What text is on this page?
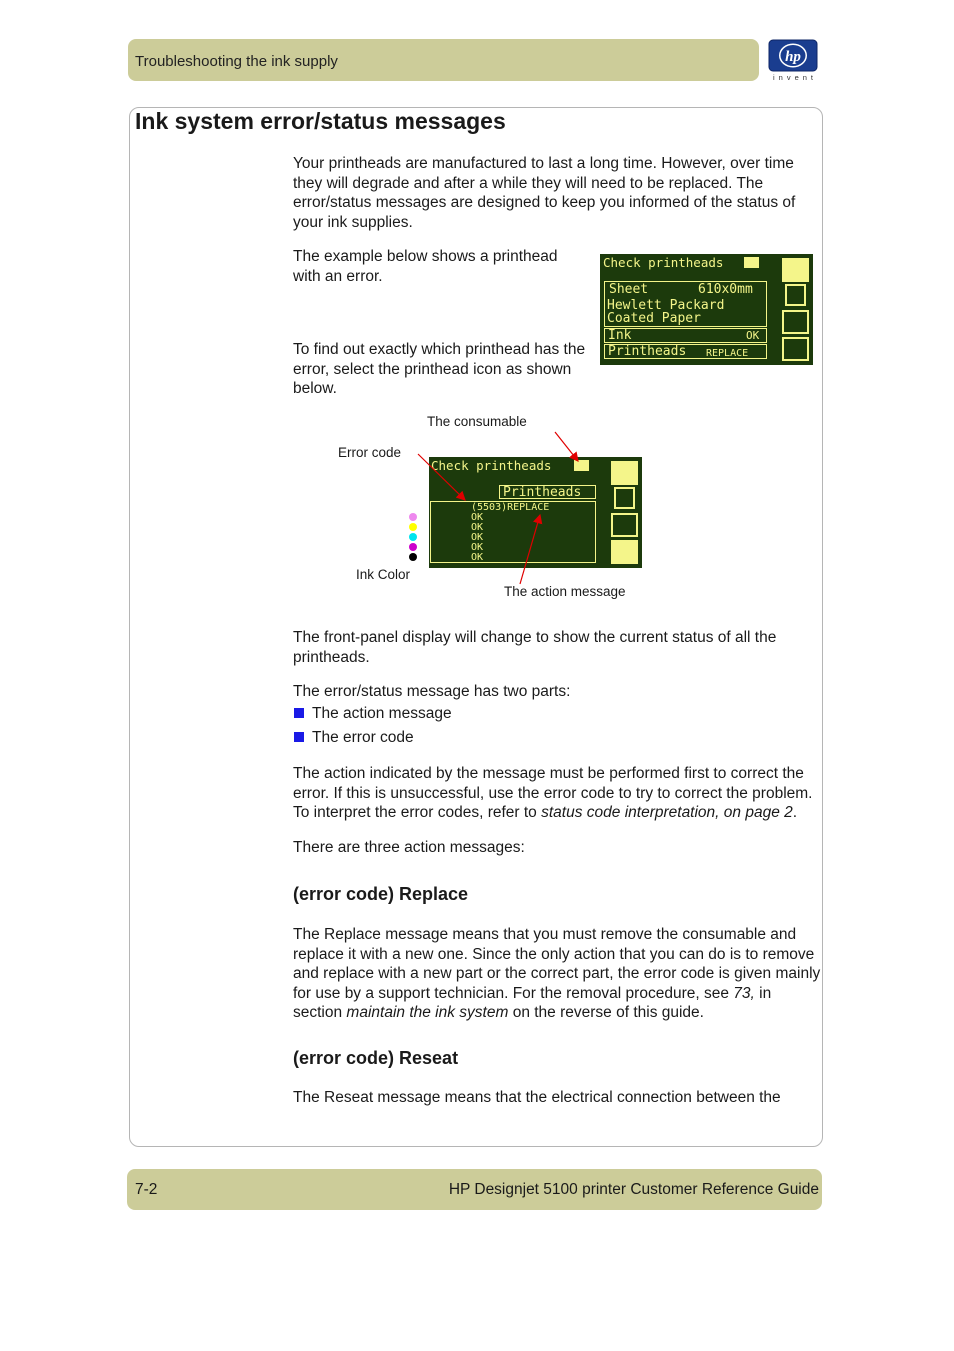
Troubleshooting the ink supply	hp
invent
Ink system error/status messages
Your printheads are manufactured to last a long time. However, over time they will degrade and after a while they will need to be replaced. The error/status messages are designed to keep you informed of the status of your ink supplies.
The example below shows a printhead with an error.
To find out exactly which printhead has the error, select the printhead icon as shown below.
Check printheads
Sheet	610x0mm
Hewlett Packard
Coated Paper
Ink	OK
Printheads REPLACE
The consumable
Error code
Ink Color
The action message
Check printheads
Printheads
(5503)REPLACE
OK
OK
OK
OK
OK
The front-panel display will change to show the current status of all the printheads.
The error/status message has two parts:
The action message
The error code
The action indicated by the message must be performed first to correct the error. If this is unsuccessful, use the error code to try to correct the problem. To interpret the error codes, refer to status code interpretation, on page 2.
There are three action messages:
(error code) Replace
The Replace message means that you must remove the consumable and replace it with a new one. Since the only action that you can do is to remove and replace with a new part or the correct part, the error code is given mainly for use by a support technician. For the removal procedure, see 73, in section maintain the ink system on the reverse of this guide.
(error code) Reseat
The Reseat message means that the electrical connection between the
7-2	HP Designjet 5100 printer Customer Reference Guide
